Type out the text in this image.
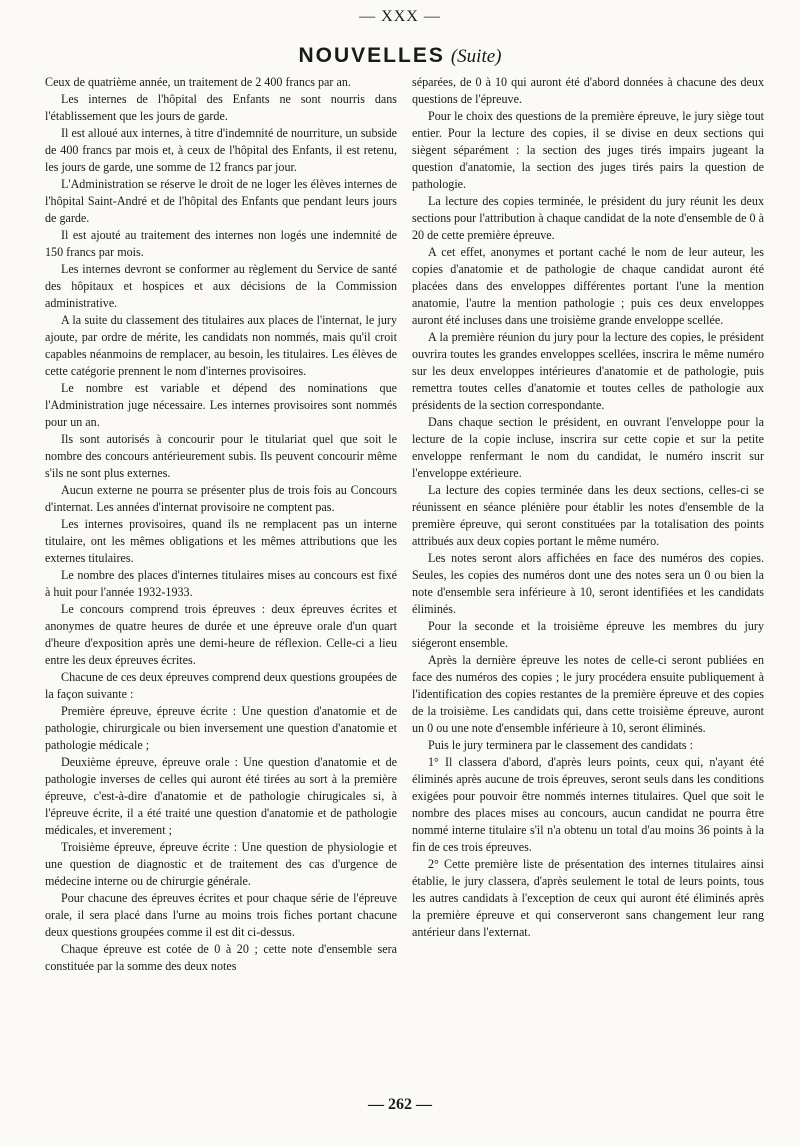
— XXX —
NOUVELLES (Suite)

Ceux de quatrième année, un traitement de 2 400 francs par an.

Les internes de l'hôpital des Enfants ne sont nourris dans l'établissement que les jours de garde.

Il est alloué aux internes, à titre d'indemnité de nourriture, un subside de 400 francs par mois et, à ceux de l'hôpital des Enfants, il est retenu, les jours de garde, une somme de 12 francs par jour.

L'Administration se réserve le droit de ne loger les élèves internes de l'hôpital Saint-André et de l'hôpital des Enfants que pendant leurs jours de garde.

Il est ajouté au traitement des internes non logés une indemnité de 150 francs par mois.

Les internes devront se conformer au règlement du Service de santé des hôpitaux et hospices et aux décisions de la Commission administrative.

A la suite du classement des titulaires aux places de l'internat, le jury ajoute, par ordre de mérite, les candidats non nommés, mais qu'il croit capables néanmoins de remplacer, au besoin, les titulaires. Les élèves de cette catégorie prennent le nom d'internes provisoires.

Le nombre est variable et dépend des nominations que l'Administration juge nécessaire. Les internes provisoires sont nommés pour un an.

Ils sont autorisés à concourir pour le titulariat quel que soit le nombre des concours antérieurement subis. Ils peuvent concourir même s'ils ne sont plus externes.

Aucun externe ne pourra se présenter plus de trois fois au Concours d'internat. Les années d'internat provisoire ne comptent pas.

Les internes provisoires, quand ils ne remplacent pas un interne titulaire, ont les mêmes obligations et les mêmes attributions que les externes titulaires.

Le nombre des places d'internes titulaires mises au concours est fixé à huit pour l'année 1932-1933.

Le concours comprend trois épreuves : deux épreuves écrites et anonymes de quatre heures de durée et une épreuve orale d'un quart d'heure d'exposition après une demi-heure de réflexion. Celle-ci a lieu entre les deux épreuves écrites.

Chacune de ces deux épreuves comprend deux questions groupées de la façon suivante :

Première épreuve, épreuve écrite : Une question d'anatomie et de pathologie, chirurgicale ou bien inversement une question d'anatomie et pathologie médicale ;

Deuxième épreuve, épreuve orale : Une question d'anatomie et de pathologie inverses de celles qui auront été tirées au sort à la première épreuve, c'est-à-dire d'anatomie et de pathologie chirugicales si, à l'épreuve écrite, il a été traité une question d'anatomie et de pathologie médicales, et inverement ;

Troisième épreuve, épreuve écrite : Une question de physiologie et une question de diagnostic et de traitement des cas d'urgence de médecine interne ou de chirurgie générale.

Pour chacune des épreuves écrites et pour chaque série de l'épreuve orale, il sera placé dans l'urne au moins trois fiches portant chacune deux questions groupées comme il est dit ci-dessus.

Chaque épreuve est cotée de 0 à 20 ; cette note d'ensemble sera constituée par la somme des deux notes

séparées, de 0 à 10 qui auront été d'abord données à chacune des deux questions de l'épreuve.

Pour le choix des questions de la première épreuve, le jury siège tout entier. Pour la lecture des copies, il se divise en deux sections qui siègent séparément : la section des juges tirés impairs jugeant la question d'anatomie, la section des juges tirés pairs la question de pathologie.

La lecture des copies terminée, le président du jury réunit les deux sections pour l'attribution à chaque candidat de la note d'ensemble de 0 à 20 de cette première épreuve.

A cet effet, anonymes et portant caché le nom de leur auteur, les copies d'anatomie et de pathologie de chaque candidat auront été placées dans des enveloppes différentes portant l'une la mention anatomie, l'autre la mention pathologie ; puis ces deux enveloppes auront été incluses dans une troisième grande enveloppe scellée.

A la première réunion du jury pour la lecture des copies, le président ouvrira toutes les grandes enveloppes scellées, inscrira le même numéro sur les deux enveloppes intérieures d'anatomie et de pathologie, puis remettra toutes celles d'anatomie et toutes celles de pathologie aux présidents de la section correspondante.

Dans chaque section le président, en ouvrant l'enveloppe pour la lecture de la copie incluse, inscrira sur cette copie et sur la petite enveloppe renfermant le nom du candidat, le numéro inscrit sur l'enveloppe extérieure.

La lecture des copies terminée dans les deux sections, celles-ci se réunissent en séance plénière pour établir les notes d'ensemble de la première épreuve, qui seront constituées par la totalisation des points attribués aux deux copies portant le même numéro.

Les notes seront alors affichées en face des numéros des copies. Seules, les copies des numéros dont une des notes sera un 0 ou bien la note d'ensemble sera inférieure à 10, seront identifiées et les candidats éliminés.

Pour la seconde et la troisième épreuve les membres du jury siégeront ensemble.

Après la dernière épreuve les notes de celle-ci seront publiées en face des numéros des copies ; le jury procédera ensuite publiquement à l'identification des copies restantes de la première épreuve et des copies de la troisième. Les candidats qui, dans cette troisième épreuve, auront un 0 ou une note d'ensemble inférieure à 10, seront éliminés.

Puis le jury terminera par le classement des candidats :

1° Il classera d'abord, d'après leurs points, ceux qui, n'ayant été éliminés après aucune de trois épreuves, seront seuls dans les conditions exigées pour pouvoir être nommés internes titulaires. Quel que soit le nombre des places mises au concours, aucun candidat ne pourra être nommé interne titulaire s'il n'a obtenu un total d'au moins 36 points à la fin de ces trois épreuves.

2° Cette première liste de présentation des internes titulaires ainsi établie, le jury classera, d'après seulement le total de leurs points, tous les autres candidats à l'exception de ceux qui auront été éliminés après la première épreuve et qui conserveront sans changement leur rang antérieur dans l'externat.

— 262 —
